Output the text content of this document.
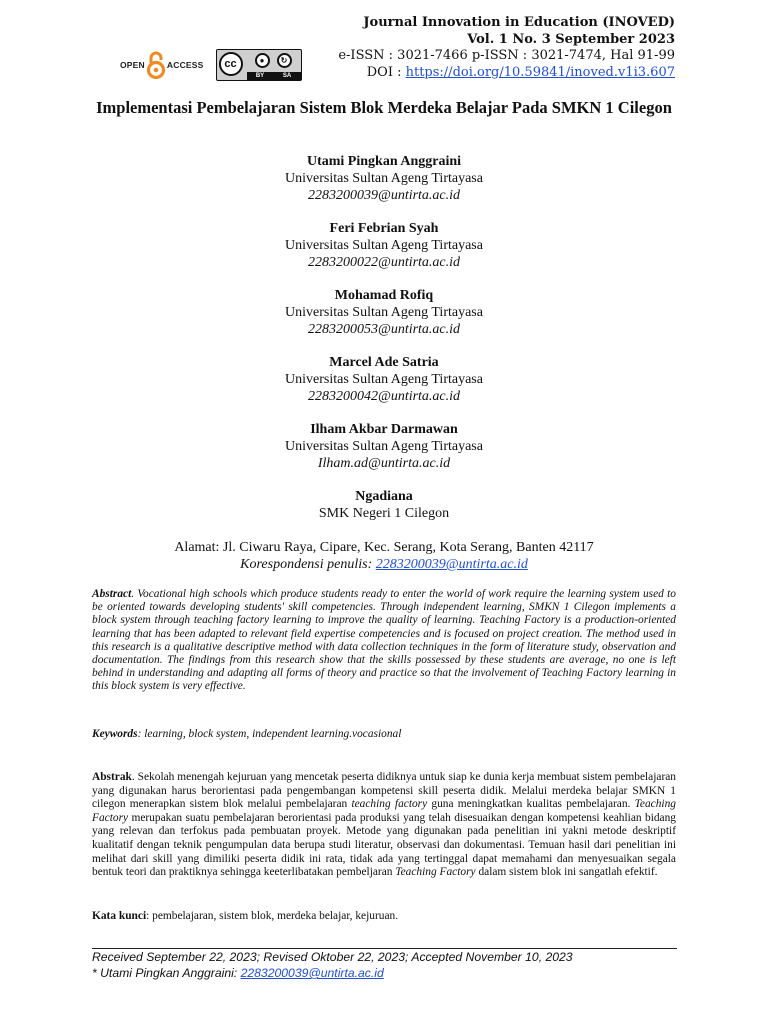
OPEN	ACCESS	cc	●	↻
BY	SA
Journal Innovation in Education (INOVED)
Vol. 1 No. 3 September 2023
e-ISSN : 3021-7466 p-ISSN : 3021-7474, Hal 91-99
DOI : https://doi.org/10.59841/inoved.v1i3.607
Implementasi Pembelajaran Sistem Blok Merdeka Belajar Pada SMKN 1 Cilegon
Utami Pingkan Anggraini
Universitas Sultan Ageng Tirtayasa
2283200039@untirta.ac.id
Feri Febrian Syah
Universitas Sultan Ageng Tirtayasa
2283200022@untirta.ac.id
Mohamad Rofiq
Universitas Sultan Ageng Tirtayasa
2283200053@untirta.ac.id
Marcel Ade Satria
Universitas Sultan Ageng Tirtayasa
2283200042@untirta.ac.id
Ilham Akbar Darmawan
Universitas Sultan Ageng Tirtayasa
Ilham.ad@untirta.ac.id
Ngadiana
SMK Negeri 1 Cilegon
Alamat: Jl. Ciwaru Raya, Cipare, Kec. Serang, Kota Serang, Banten 42117
Korespondensi penulis: 2283200039@untirta.ac.id
Abstract. Vocational high schools which produce students ready to enter the world of work require the learning system used to be oriented towards developing students' skill competencies. Through independent learning, SMKN 1 Cilegon implements a block system through teaching factory learning to improve the quality of learning. Teaching Factory is a production-oriented learning that has been adapted to relevant field expertise competencies and is focused on project creation. The method used in this research is a qualitative descriptive method with data collection techniques in the form of literature study, observation and documentation. The findings from this research show that the skills possessed by these students are average, no one is left behind in understanding and adapting all forms of theory and practice so that the involvement of Teaching Factory learning in this block system is very effective.
Keywords: learning, block system, independent learning.vocasional
Abstrak. Sekolah menengah kejuruan yang mencetak peserta didiknya untuk siap ke dunia kerja membuat sistem pembelajaran yang digunakan harus berorientasi pada pengembangan kompetensi skill peserta didik. Melalui merdeka belajar SMKN 1 cilegon menerapkan sistem blok melalui pembelajaran teaching factory guna meningkatkan kualitas pembelajaran. Teaching Factory merupakan suatu pembelajaran berorientasi pada produksi yang telah disesuaikan dengan kompetensi keahlian bidang yang relevan dan terfokus pada pembuatan proyek. Metode yang digunakan pada penelitian ini yakni metode deskriptif kualitatif dengan teknik pengumpulan data berupa studi literatur, observasi dan dokumentasi. Temuan hasil dari penelitian ini melihat dari skill yang dimiliki peserta didik ini rata, tidak ada yang tertinggal dapat memahami dan menyesuaikan segala bentuk teori dan praktiknya sehingga keeterlibatakan pembeljaran Teaching Factory dalam sistem blok ini sangatlah efektif.
Kata kunci: pembelajaran, sistem blok, merdeka belajar, kejuruan.
Received September 22, 2023; Revised Oktober 22, 2023; Accepted November 10, 2023
* Utami Pingkan Anggraini: 2283200039@untirta.ac.id
